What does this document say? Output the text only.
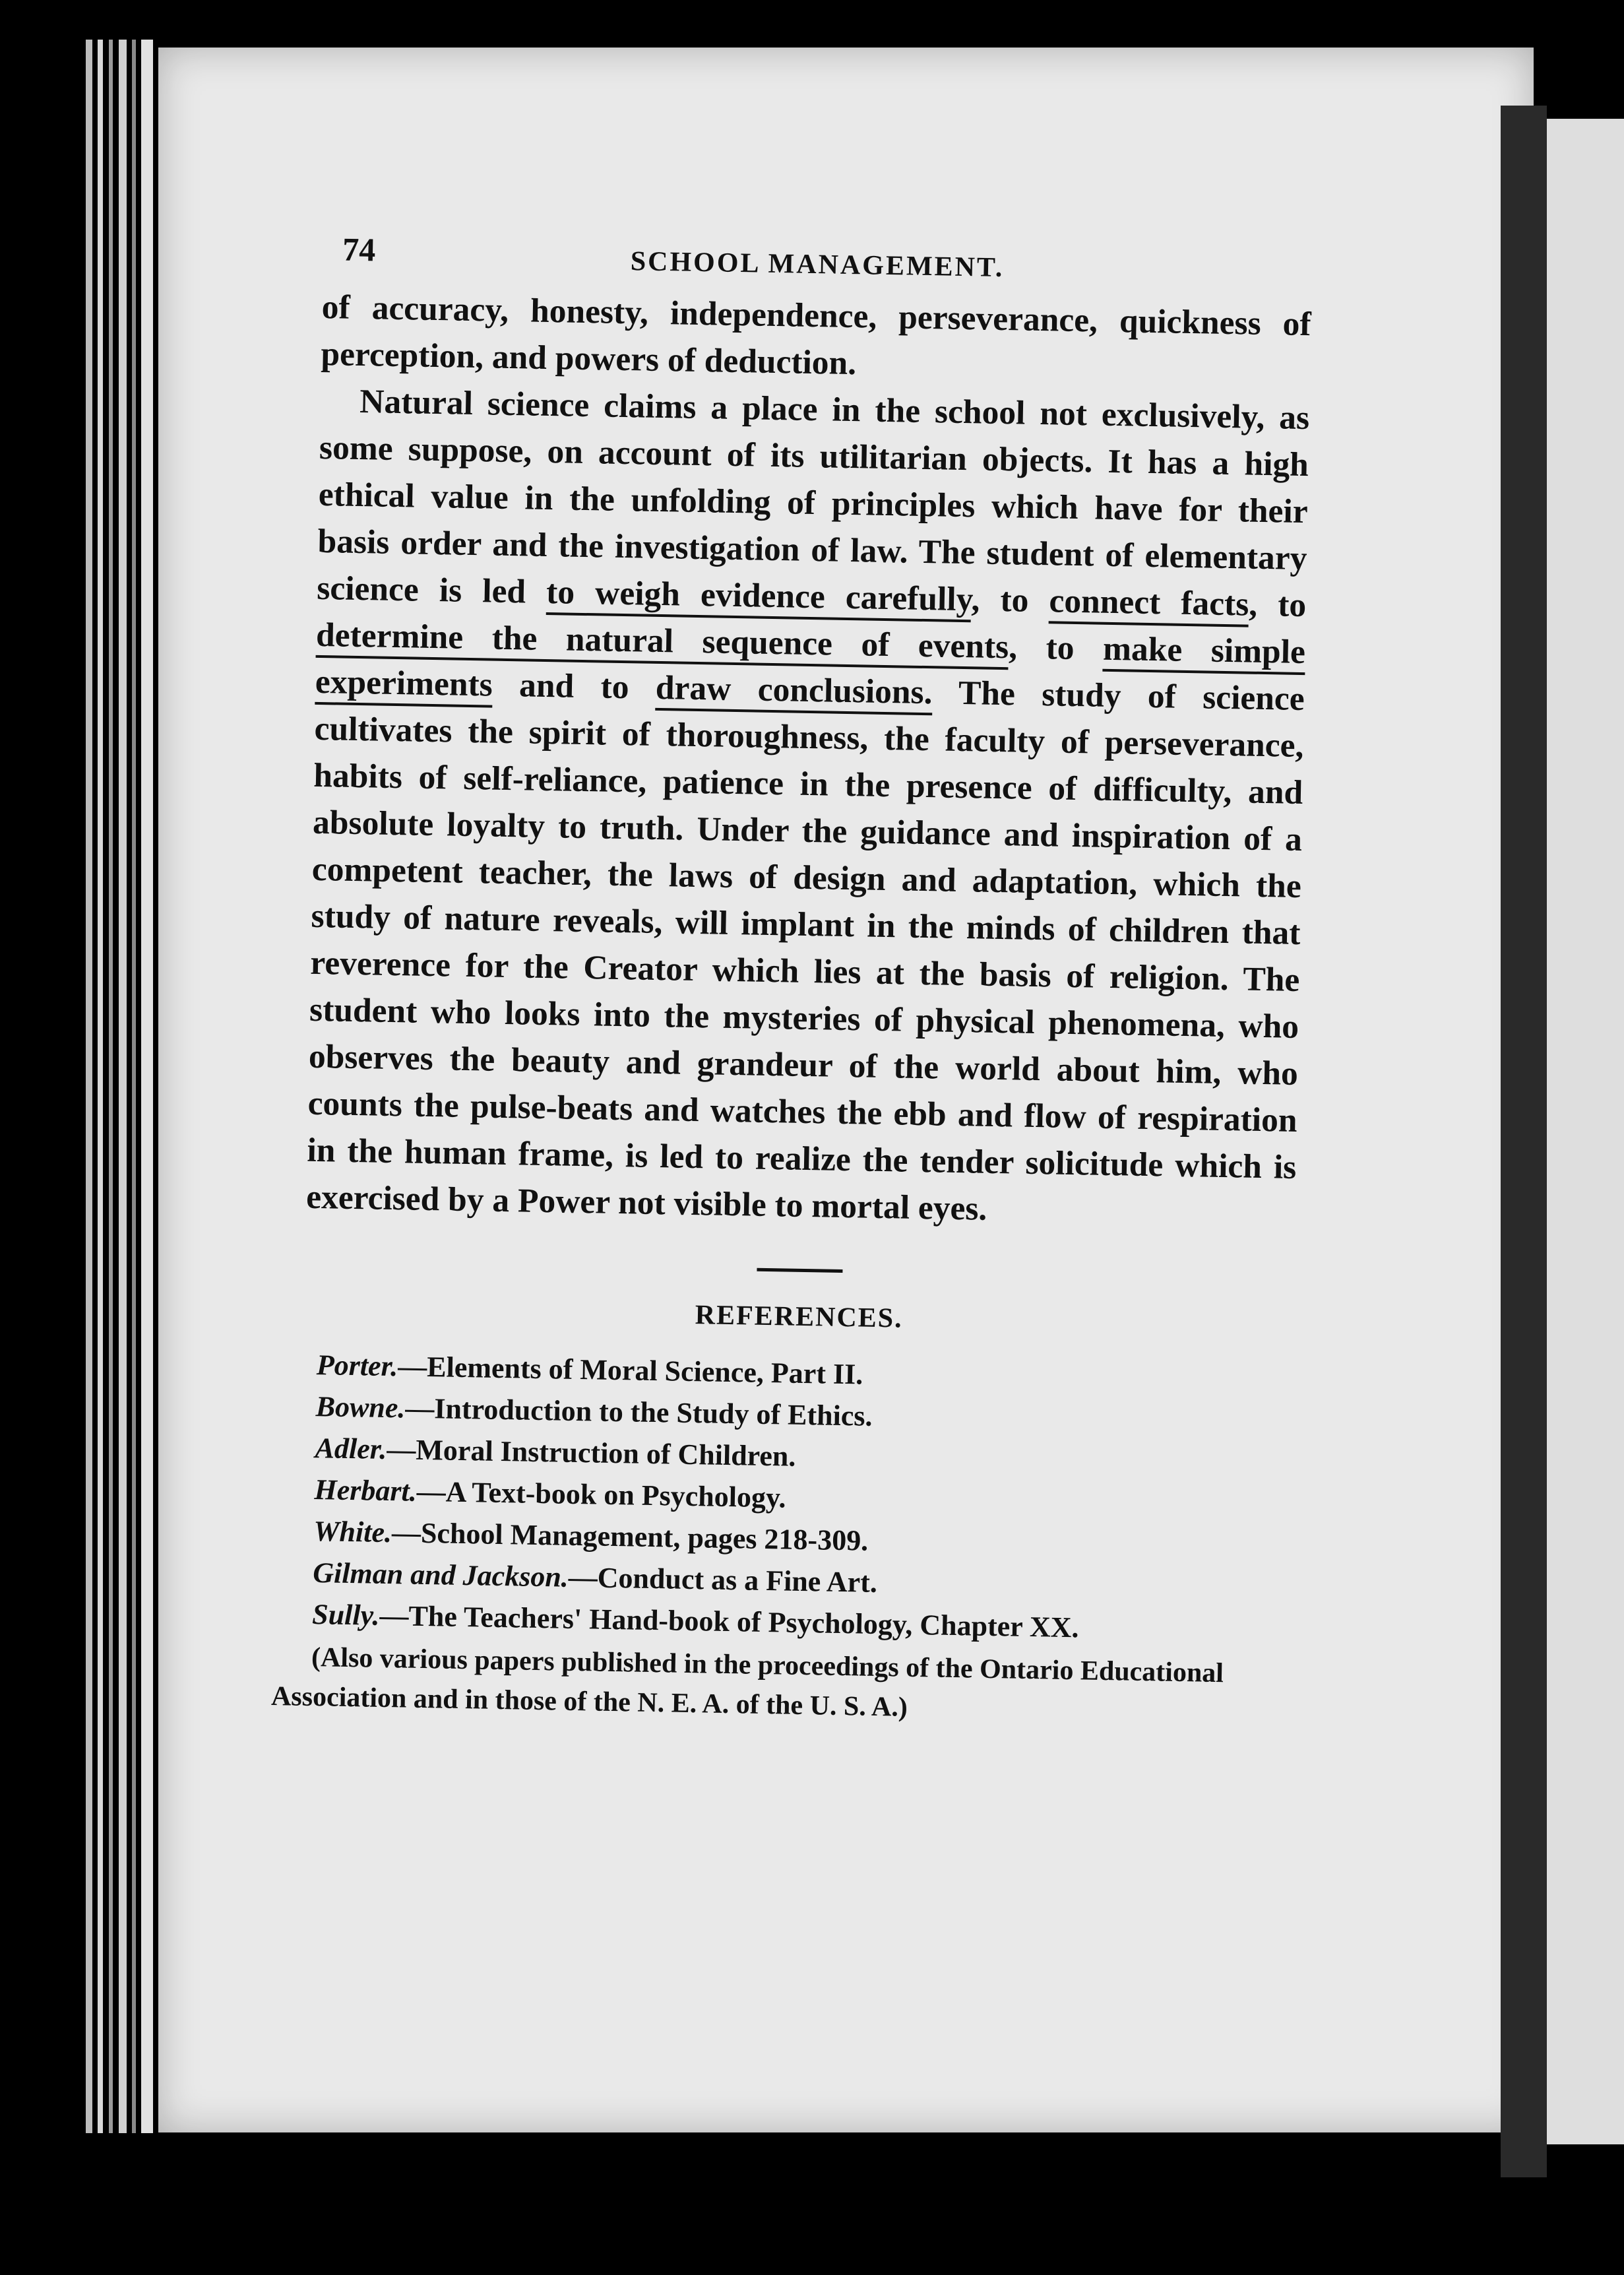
74	SCHOOL MANAGEMENT.

of accuracy, honesty, independence, perseverance, quickness of perception, and powers of deduction.

Natural science claims a place in the school not exclusively, as some suppose, on account of its utilitarian objects. It has a high ethical value in the unfolding of principles which have for their basis order and the investigation of law. The student of elementary science is led to weigh evidence carefully, to connect facts, to determine the natural sequence of events, to make simple experiments and to draw conclusions. The study of science cultivates the spirit of thoroughness, the faculty of perseverance, habits of self-reliance, patience in the presence of difficulty, and absolute loyalty to truth. Under the guidance and inspiration of a competent teacher, the laws of design and adaptation, which the study of nature reveals, will implant in the minds of children that reverence for the Creator which lies at the basis of religion. The student who looks into the mysteries of physical phenomena, who observes the beauty and grandeur of the world about him, who counts the pulse-beats and watches the ebb and flow of respiration in the human frame, is led to realize the tender solicitude which is exercised by a Power not visible to mortal eyes.

REFERENCES.
Porter.—Elements of Moral Science, Part II.
Bowne.—Introduction to the Study of Ethics.
Adler.—Moral Instruction of Children.
Herbart.—A Text-book on Psychology.
White.—School Management, pages 218-309.
Gilman and Jackson.—Conduct as a Fine Art.
Sully.—The Teachers' Hand-book of Psychology, Chapter XX.

(Also various papers published in the proceedings of the Ontario Educational Association and in those of the N. E. A. of the U. S. A.)
